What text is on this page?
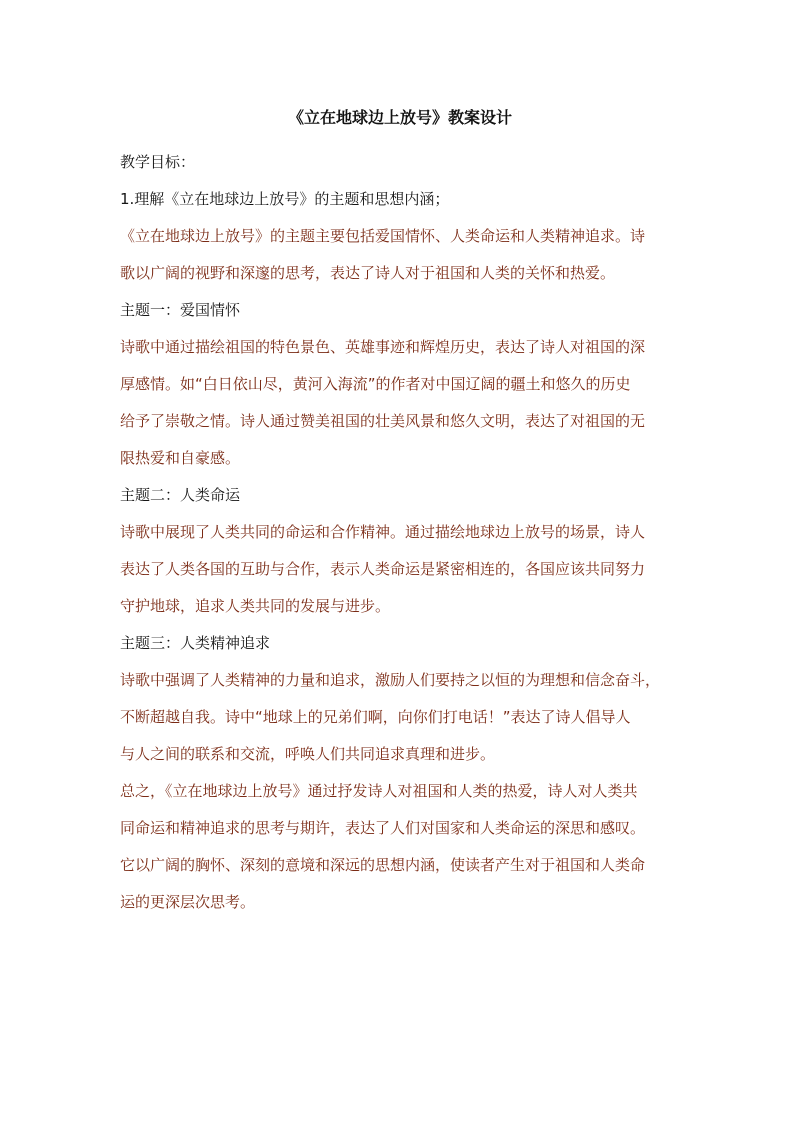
《立在地球边上放号》教案设计
教学目标：
1.理解《立在地球边上放号》的主题和思想内涵；
《立在地球边上放号》的主题主要包括爱国情怀、人类命运和人类精神追求。诗
歌以广阔的视野和深邃的思考，表达了诗人对于祖国和人类的关怀和热爱。
主题一：爱国情怀
诗歌中通过描绘祖国的特色景色、英雄事迹和辉煌历史，表达了诗人对祖国的深
厚感情。如“白日依山尽，黄河入海流”的作者对中国辽阔的疆土和悠久的历史
给予了崇敬之情。诗人通过赞美祖国的壮美风景和悠久文明，表达了对祖国的无
限热爱和自豪感。
主题二：人类命运
诗歌中展现了人类共同的命运和合作精神。通过描绘地球边上放号的场景，诗人
表达了人类各国的互助与合作，表示人类命运是紧密相连的，各国应该共同努力
守护地球，追求人类共同的发展与进步。
主题三：人类精神追求
诗歌中强调了人类精神的力量和追求，激励人们要持之以恒的为理想和信念奋斗，
不断超越自我。诗中“地球上的兄弟们啊，向你们打电话！”表达了诗人倡导人
与人之间的联系和交流，呼唤人们共同追求真理和进步。
总之，《立在地球边上放号》通过抒发诗人对祖国和人类的热爱，诗人对人类共
同命运和精神追求的思考与期许，表达了人们对国家和人类命运的深思和感叹。
它以广阔的胸怀、深刻的意境和深远的思想内涵，使读者产生对于祖国和人类命
运的更深层次思考。
